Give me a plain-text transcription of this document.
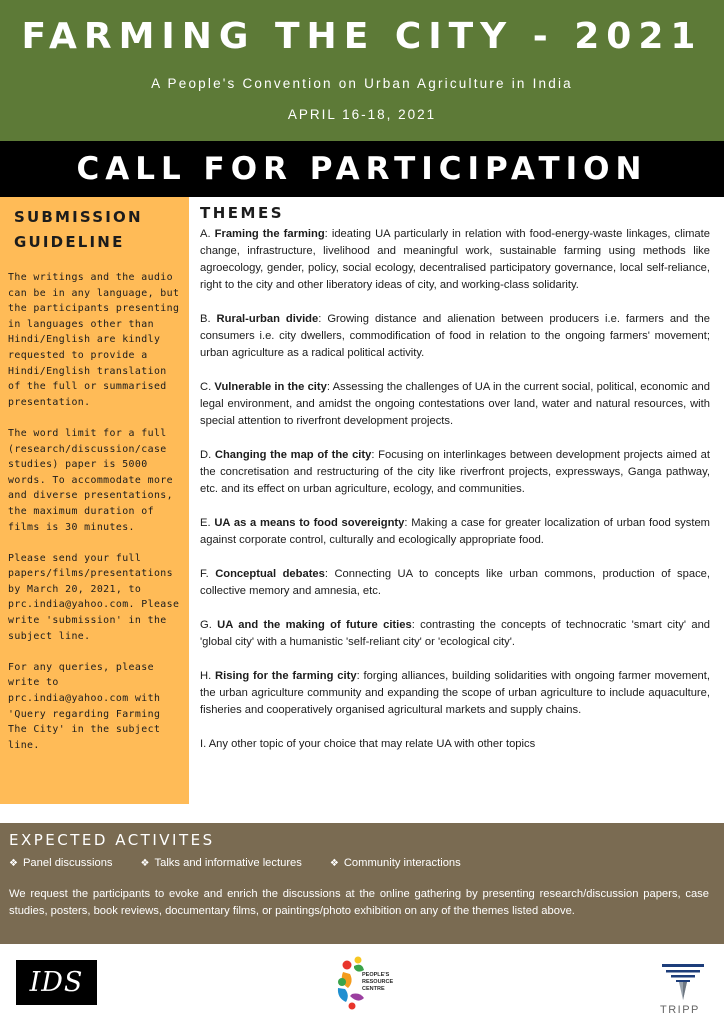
FARMING THE CITY - 2021
A People's Convention on Urban Agriculture in India
APRIL 16-18, 2021
CALL FOR PARTICIPATION
SUBMISSION
GUIDELINE

The writings and the audio can be in any language, but the participants presenting in languages other than Hindi/English are kindly requested to provide a Hindi/English translation of the full or summarised presentation.

The word limit for a full (research/discussion/case studies) paper is 5000 words. To accommodate more and diverse presentations, the maximum duration of films is 30 minutes.

Please send your full papers/films/presentations by March 20, 2021, to prc.india@yahoo.com. Please write 'submission' in the subject line.

For any queries, please write to prc.india@yahoo.com with 'Query regarding Farming The City' in the subject line.

THEMES

A. Framing the farming: ideating UA particularly in relation with food-energy-waste linkages, climate change, infrastructure, livelihood and meaningful work, sustainable farming using methods like agroecology, gender, policy, social ecology, decentralised participatory governance, local self-reliance, right to the city and other liberatory ideas of city, and working-class solidarity.

B. Rural-urban divide: Growing distance and alienation between producers i.e. farmers and the consumers i.e. city dwellers, commodification of food in relation to the ongoing farmers' movement; urban agriculture as a radical political activity.

C. Vulnerable in the city: Assessing the challenges of UA in the current social, political, economic and legal environment, and amidst the ongoing contestations over land, water and natural resources, with special attention to riverfront development projects.

D. Changing the map of the city: Focusing on interlinkages between development projects aimed at the concretisation and restructuring of the city like riverfront projects, expressways, Ganga pathway, etc. and its effect on urban agriculture, ecology, and communities.

E. UA as a means to food sovereignty: Making a case for greater localization of urban food system against corporate control, culturally and ecologically appropriate food.

F. Conceptual debates: Connecting UA to concepts like urban commons, production of space, collective memory and amnesia, etc.

G. UA and the making of future cities: contrasting the concepts of technocratic 'smart city' and 'global city' with a humanistic 'self-reliant city' or 'ecological city'.

H. Rising for the farming city: forging alliances, building solidarities with ongoing farmer movement, the urban agriculture community and expanding the scope of urban agriculture to include aquaculture, fisheries and cooperatively organised agricultural markets and supply chains.

I. Any other topic of your choice that may relate UA with other topics

EXPECTED ACTIVITES
❖ Panel discussions	❖ Talks and informative lectures	❖ Community interactions
We request the participants to evoke and enrich the discussions at the online gathering by presenting research/discussion papers, case studies, posters, book reviews, documentary films, or paintings/photo exhibition on any of the themes listed above.
IDS	PEOPLE'S
RESOURCE
CENTRE
TRIPP
